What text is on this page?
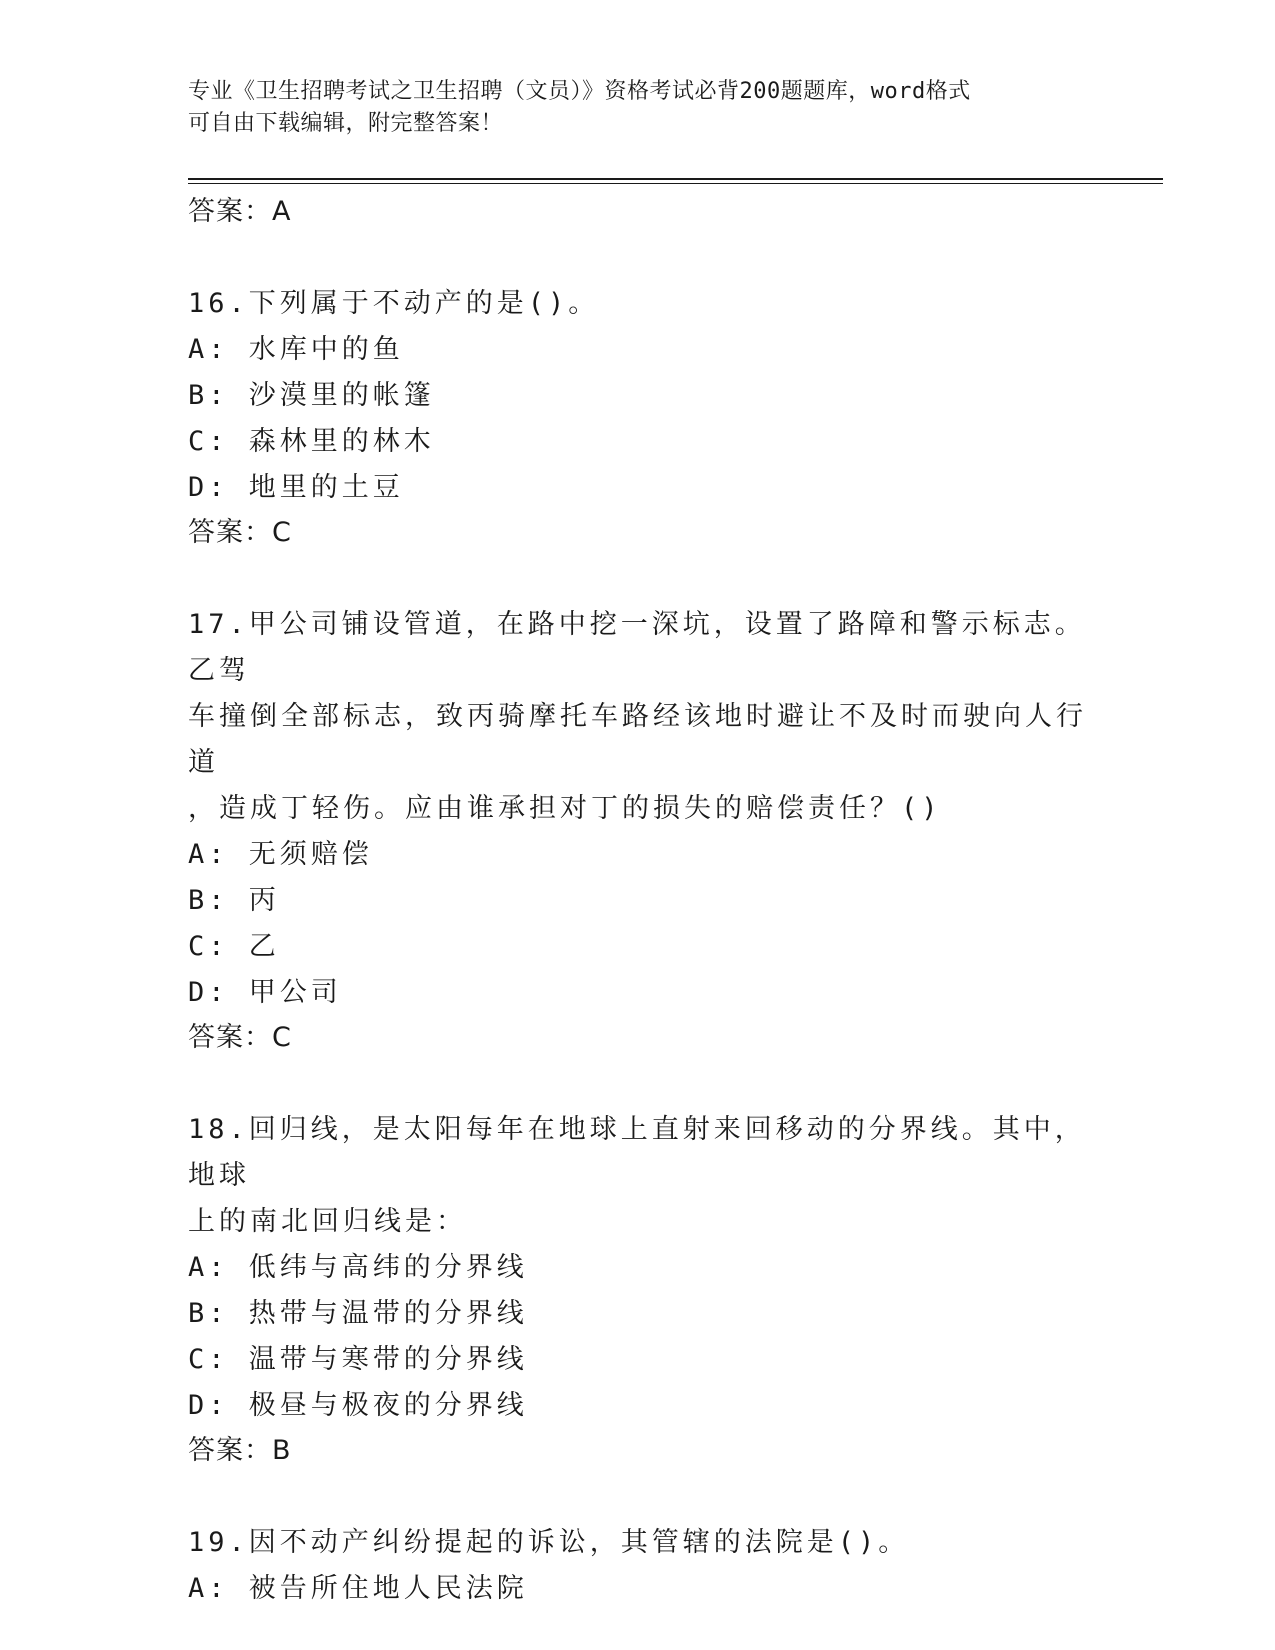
专业《卫生招聘考试之卫生招聘（文员）》资格考试必背200题题库，word格式
可自由下载编辑，附完整答案！
答案：A
16.下列属于不动产的是()。
A: 水库中的鱼
B: 沙漠里的帐篷
C: 森林里的林木
D: 地里的土豆
答案：C
17.甲公司铺设管道，在路中挖一深坑，设置了路障和警示标志。乙驾
车撞倒全部标志，致丙骑摩托车路经该地时避让不及时而驶向人行道
，造成丁轻伤。应由谁承担对丁的损失的赔偿责任？()
A: 无须赔偿
B: 丙
C: 乙
D: 甲公司
答案：C
18.回归线，是太阳每年在地球上直射来回移动的分界线。其中，地球
上的南北回归线是：
A: 低纬与高纬的分界线
B: 热带与温带的分界线
C: 温带与寒带的分界线
D: 极昼与极夜的分界线
答案：B
19.因不动产纠纷提起的诉讼，其管辖的法院是()。
A: 被告所住地人民法院
